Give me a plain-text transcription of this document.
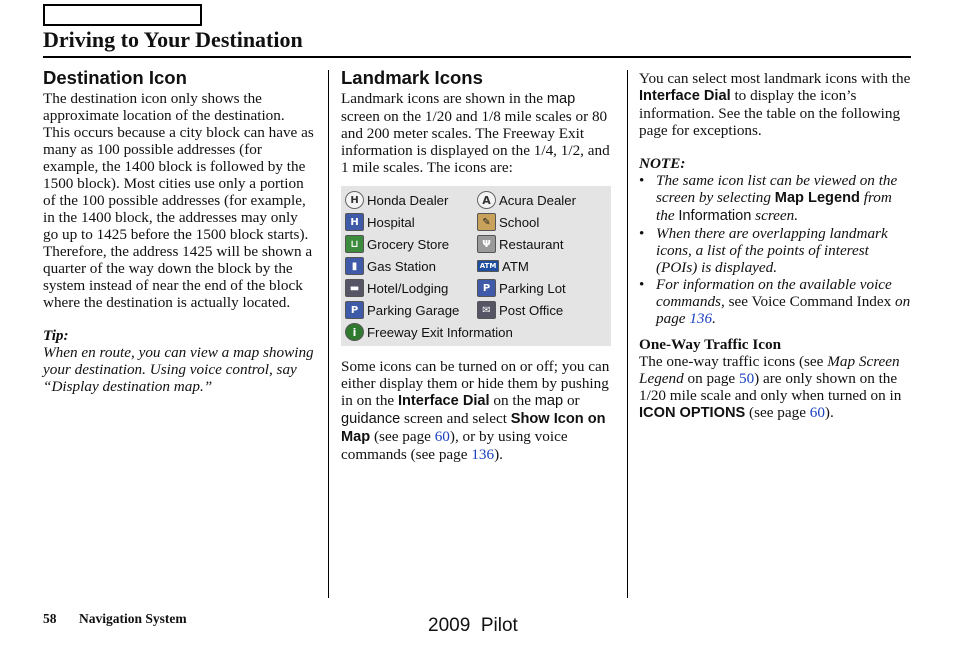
Driving to Your Destination
Destination Icon

The destination icon only shows the approximate location of the destination. This occurs because a city block can have as many as 100 possible addresses (for example, the 1400 block is followed by the 1500 block). Most cities use only a portion of the 100 possible addresses (for example, in the 1400 block, the addresses may only go up to 1425 before the 1500 block starts). Therefore, the address 1425 will be shown a quarter of the way down the block by the system instead of near the end of the block where the destination is actually located.

Tip:

When en route, you can view a map showing your destination. Using voice control, say “Display destination map.”

Landmark Icons

Landmark icons are shown in the map screen on the 1/20 and 1/8 mile scales or 80 and 200 meter scales. The Freeway Exit information is displayed on the 1/4, 1/2, and 1 mile scales. The icons are:

H Honda Dealer	A Acura Dealer
H Hospital	✎ School
⊔ Grocery Store	Ψ Restaurant
▮ Gas Station	ATM ATM
▬ Hotel/Lodging	P Parking Lot
P Parking Garage	✉ Post Office
i Freeway Exit Information

Some icons can be turned on or off; you can either display them or hide them by pushing in on the Interface Dial on the map or guidance screen and select Show Icon on Map (see page 60), or by using voice commands (see page 136).

You can select most landmark icons with the Interface Dial to display the icon’s information. See the table on the following page for exceptions.

NOTE:

• The same icon list can be viewed on the screen by selecting Map Legend from the Information screen.
• When there are overlapping landmark icons, a list of the points of interest (POIs) is displayed.
• For information on the available voice commands, see Voice Command Index on page 136.

One-Way Traffic Icon

The one-way traffic icons (see Map Screen Legend on page 50) are only shown on the 1/20 mile scale and only when turned on in ICON OPTIONS (see page 60).

58 Navigation System	2009  Pilot
